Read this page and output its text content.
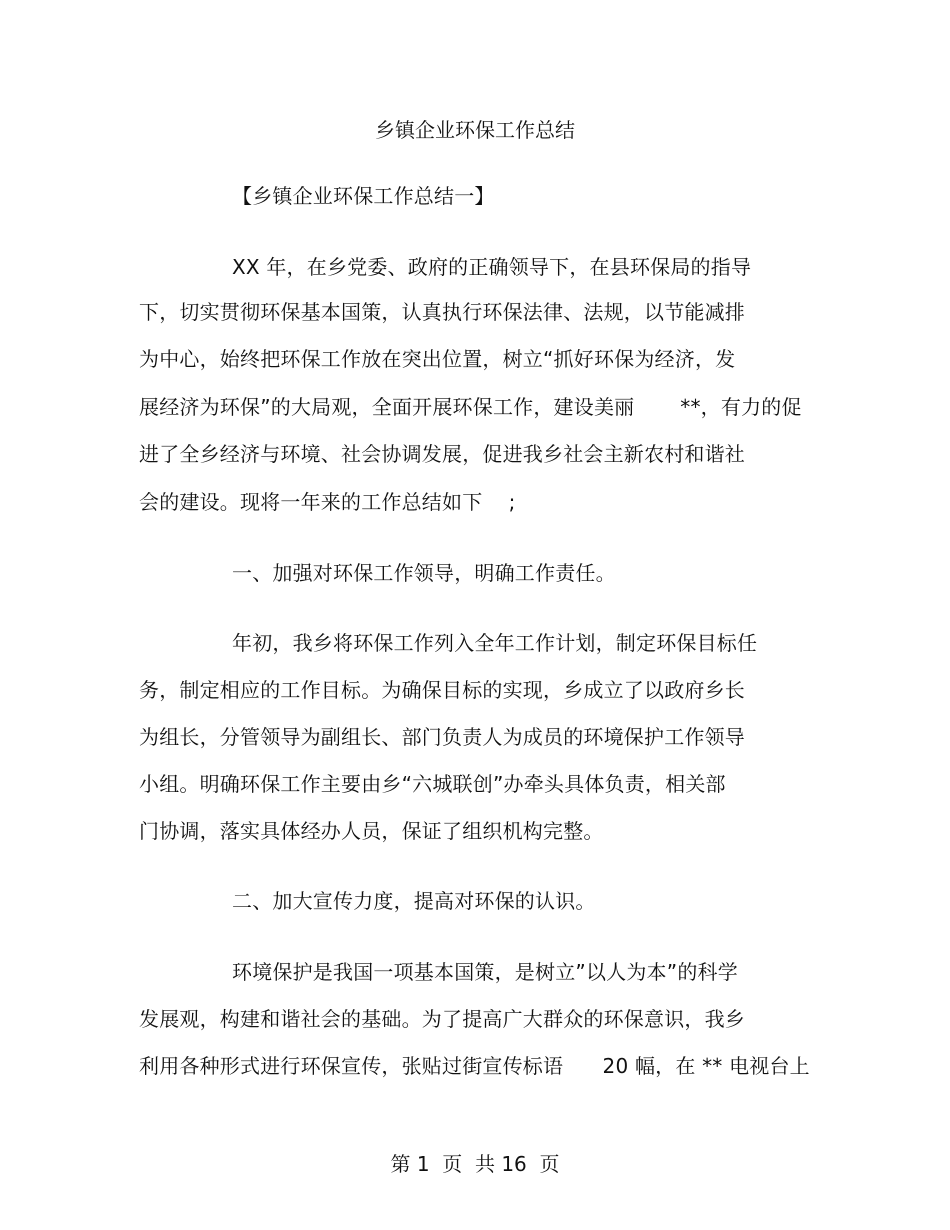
乡镇企业环保工作总结
【乡镇企业环保工作总结一】
XX 年，在乡党委、政府的正确领导下，在县环保局的指导
下，切实贯彻环保基本国策，认真执行环保法律、法规，以节能减排
为中心，始终把环保工作放在突出位置，树立“抓好环保为经济，发
展经济为环保”的大局观，全面开展环保工作，建设美丽       **，有力的促
进了全乡经济与环境、社会协调发展，促进我乡社会主新农村和谐社
会的建设。现将一年来的工作总结如下    ;
一、加强对环保工作领导，明确工作责任。
年初，我乡将环保工作列入全年工作计划，制定环保目标任
务，制定相应的工作目标。为确保目标的实现，乡成立了以政府乡长
为组长，分管领导为副组长、部门负责人为成员的环境保护工作领导
小组。明确环保工作主要由乡“六城联创”办牵头具体负责，相关部
门协调，落实具体经办人员，保证了组织机构完整。
二、加大宣传力度，提高对环保的认识。
环境保护是我国一项基本国策，是树立”以人为本”的科学
发展观，构建和谐社会的基础。为了提高广大群众的环保意识，我乡
利用各种形式进行环保宣传，张贴过街宣传标语      20 幅，在 ** 电视台上
第 1  页  共 16  页
